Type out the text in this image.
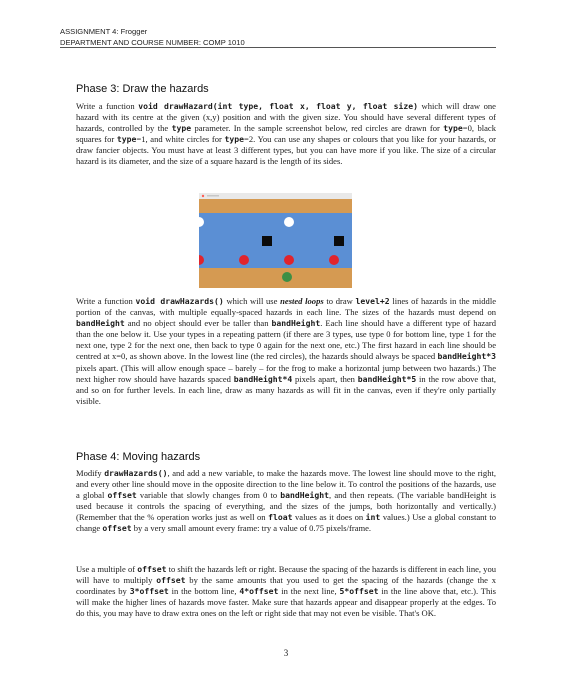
ASSIGNMENT 4: Frogger
DEPARTMENT AND COURSE NUMBER: COMP 1010
Phase 3: Draw the hazards

Write a function void drawHazard(int type, float x, float y, float size) which will draw one hazard with its centre at the given (x,y) position and with the given size. You should have several different types of hazards, controlled by the type parameter. In the sample screenshot below, red circles are drawn for type=0, black squares for type=1, and white circles for type=2. You can use any shapes or colours that you like for your hazards, or draw fancier objects. You must have at least 3 different types, but you can have more if you like. The size of a circular hazard is its diameter, and the size of a square hazard is the length of its sides.

Write a function void drawHazards() which will use nested loops to draw level+2 lines of hazards in the middle portion of the canvas, with multiple equally-spaced hazards in each line. The sizes of the hazards must depend on bandHeight and no object should ever be taller than bandHeight. Each line should have a different type of hazard than the one below it. Use your types in a repeating pattern (if there are 3 types, use type 0 for bottom line, type 1 for the next one, type 2 for the next one, then back to type 0 again for the next one, etc.) The first hazard in each line should be centred at x=0, as shown above. In the lowest line (the red circles), the hazards should always be spaced bandHeight*3 pixels apart. (This will allow enough space – barely – for the frog to make a horizontal jump between two hazards.) The next higher row should have hazards spaced bandHeight*4 pixels apart, then bandHeight*5 in the row above that, and so on for further levels. In each line, draw as many hazards as will fit in the canvas, even if they're only partially visible.

Phase 4: Moving hazards

Modify drawHazards(), and add a new variable, to make the hazards move. The lowest line should move to the right, and every other line should move in the opposite direction to the line below it. To control the positions of the hazards, use a global offset variable that slowly changes from 0 to bandHeight, and then repeats. (The variable bandHeight is used because it controls the spacing of everything, and the sizes of the jumps, both horizontally and vertically.) (Remember that the % operation works just as well on float values as it does on int values.) Use a global constant to change offset by a very small amount every frame: try a value of 0.75 pixels/frame.

Use a multiple of offset to shift the hazards left or right. Because the spacing of the hazards is different in each line, you will have to multiply offset by the same amounts that you used to get the spacing of the hazards (change the x coordinates by 3*offset in the bottom line, 4*offset in the next line, 5*offset in the line above that, etc.). This will make the higher lines of hazards move faster. Make sure that hazards appear and disappear properly at the edges. To do this, you may have to draw extra ones on the left or right side that may not even be visible. That's OK.

3
